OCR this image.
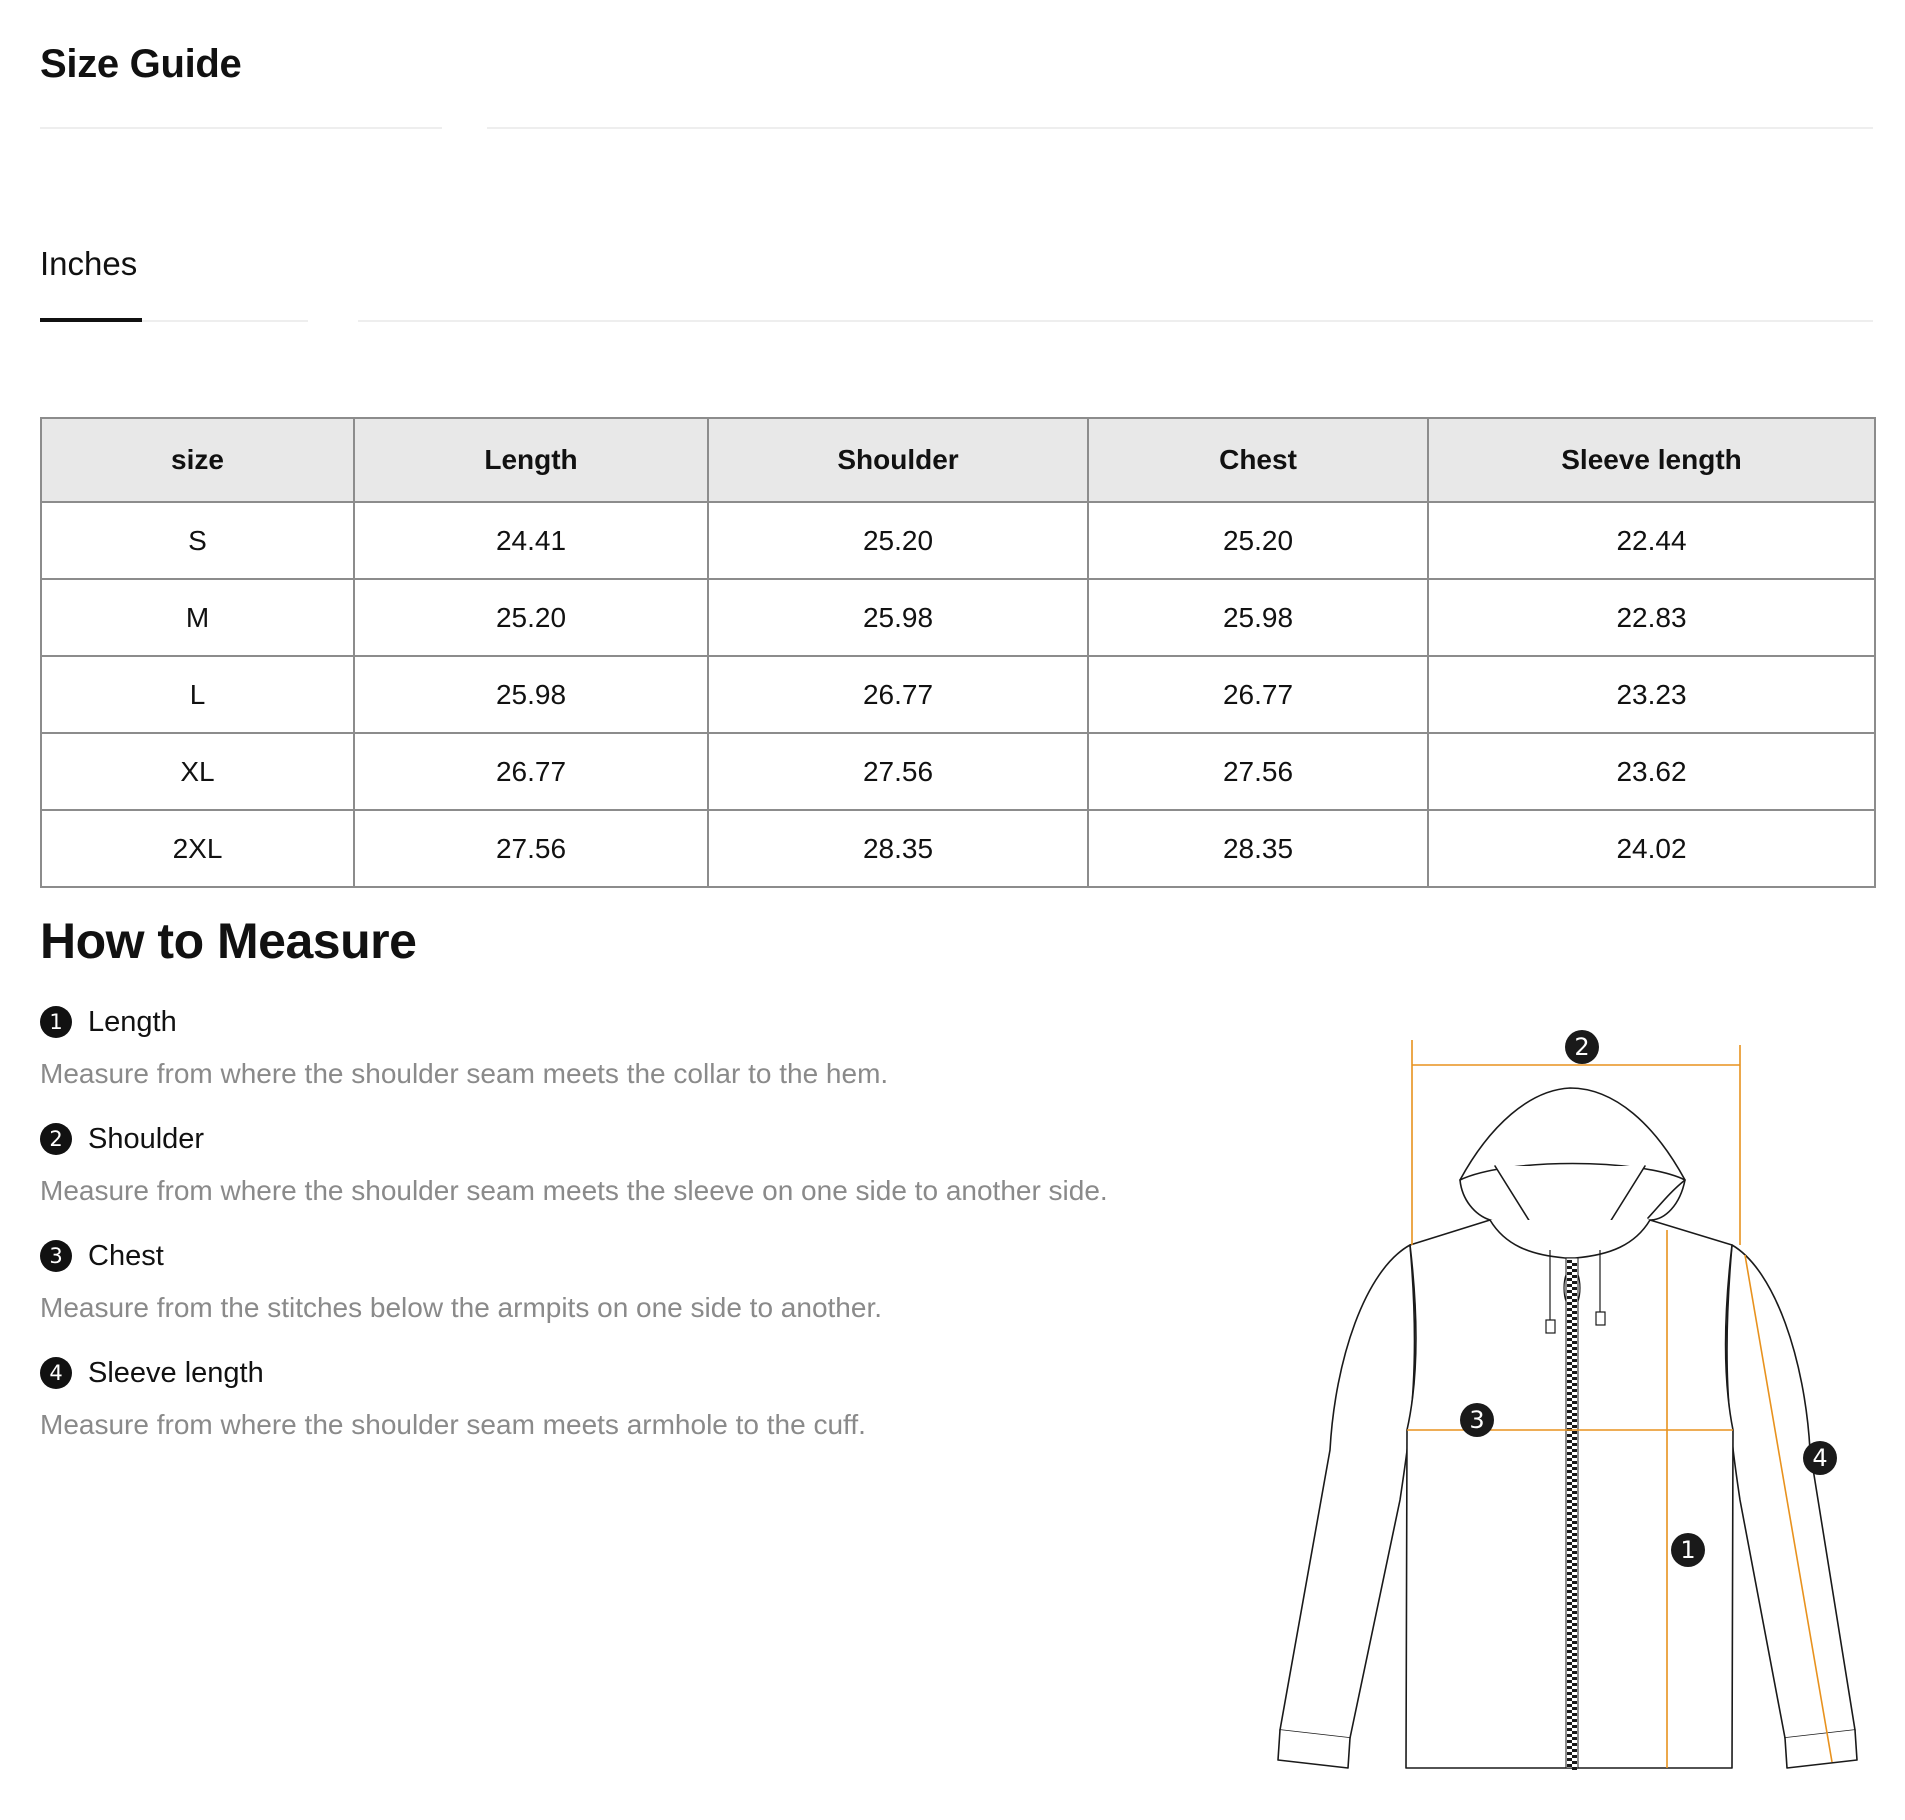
Size Guide
Inches
size	Length	Shoulder	Chest	Sleeve length
S	24.41	25.20	25.20	22.44
M	25.20	25.98	25.98	22.83
L	25.98	26.77	26.77	23.23
XL	26.77	27.56	27.56	23.62
2XL	27.56	28.35	28.35	24.02
How to Measure
1 Length
Measure from where the shoulder seam meets the collar to the hem.
2 Shoulder
Measure from where the shoulder seam meets the sleeve on one side to another side.
3 Chest
Measure from the stitches below the armpits on one side to another.
4 Sleeve length
Measure from where the shoulder seam meets armhole to the cuff.
1
2
3
4
